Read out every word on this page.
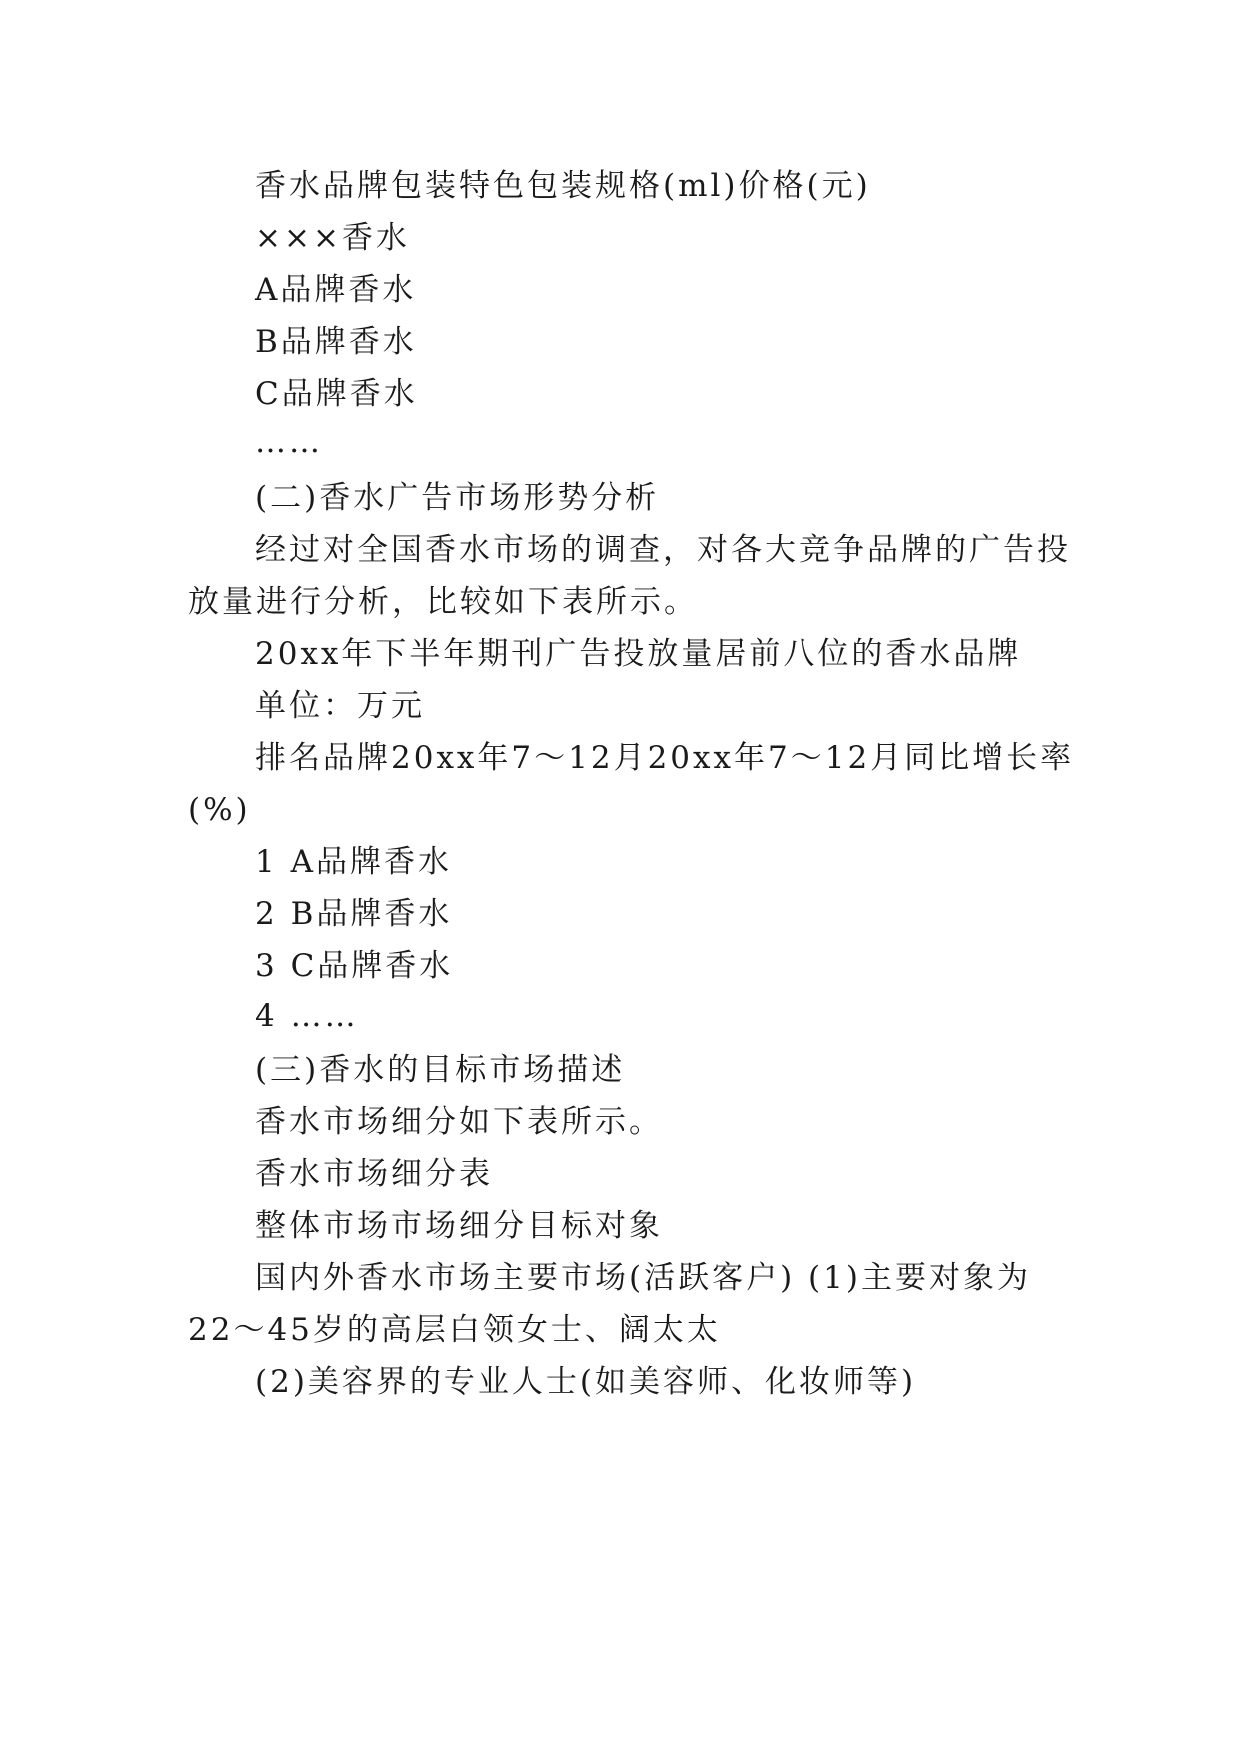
香水品牌包装特色包装规格(ml)价格(元)

×××香水

A品牌香水

B品牌香水

C品牌香水

……

(二)香水广告市场形势分析

经过对全国香水市场的调查，对各大竞争品牌的广告投

放量进行分析，比较如下表所示。

20xx年下半年期刊广告投放量居前八位的香水品牌

单位：万元

排名品牌20xx年7～12月20xx年7～12月同比增长率

(%)

1 A品牌香水

2 B品牌香水

3 C品牌香水

4 ……

(三)香水的目标市场描述

香水市场细分如下表所示。

香水市场细分表

整体市场市场细分目标对象

国内外香水市场主要市场(活跃客户) (1)主要对象为

22～45岁的高层白领女士、阔太太

(2)美容界的专业人士(如美容师、化妆师等)
